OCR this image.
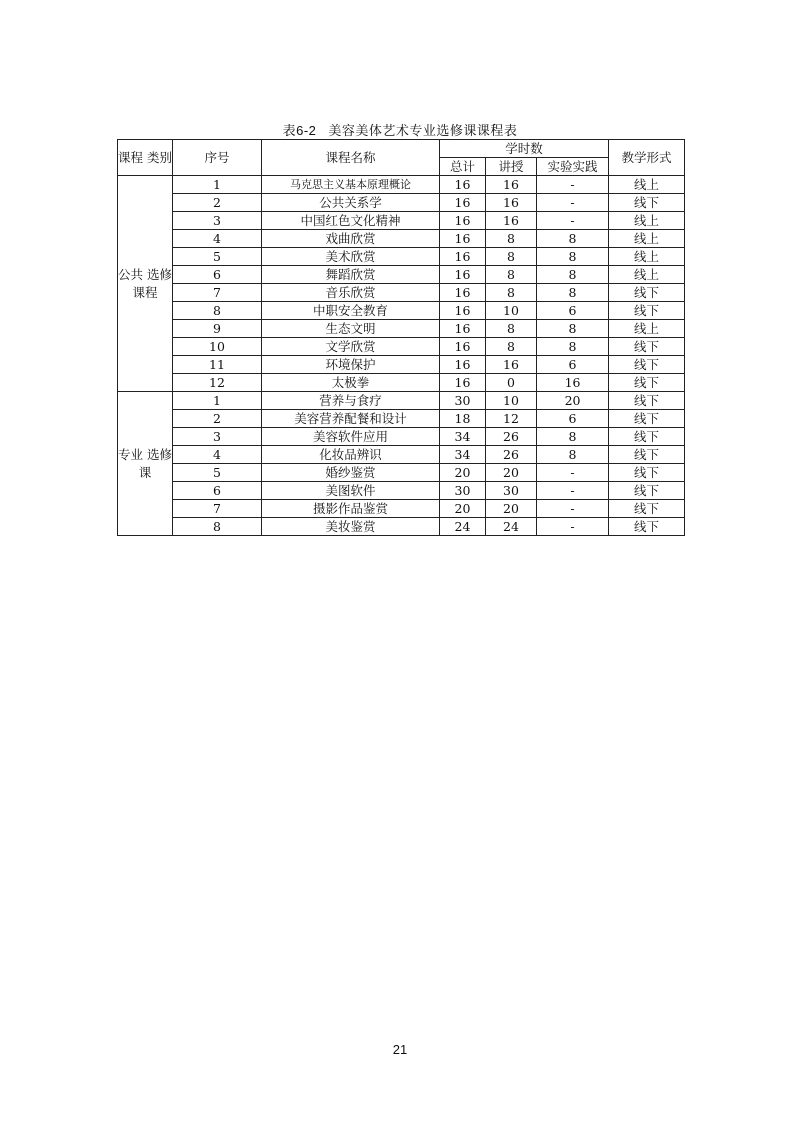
表6-2 美容美体艺术专业选修课课程表
课程 类别	序号	课程名称	学时数			教学形式
			总计	讲授	实验实践	
公共 选修 课程	1	马克思主义基本原理概论	16	16	-	线上
	2	公共关系学	16	16	-	线下
	3	中国红色文化精神	16	16	-	线上
	4	戏曲欣赏	16	8	8	线上
	5	美术欣赏	16	8	8	线上
	6	舞蹈欣赏	16	8	8	线上
	7	音乐欣赏	16	8	8	线下
	8	中职安全教育	16	10	6	线下
	9	生态文明	16	8	8	线上
	10	文学欣赏	16	8	8	线下
	11	环境保护	16	16	6	线下
	12	太极拳	16	0	16	线下
专业 选修 课	1	营养与食疗	30	10	20	线下
	2	美容营养配餐和设计	18	12	6	线下
	3	美容软件应用	34	26	8	线下
	4	化妆品辨识	34	26	8	线下
	5	婚纱鉴赏	20	20	-	线下
	6	美图软件	30	30	-	线下
	7	摄影作品鉴赏	20	20	-	线下
	8	美妆鉴赏	24	24	-	线下
21
